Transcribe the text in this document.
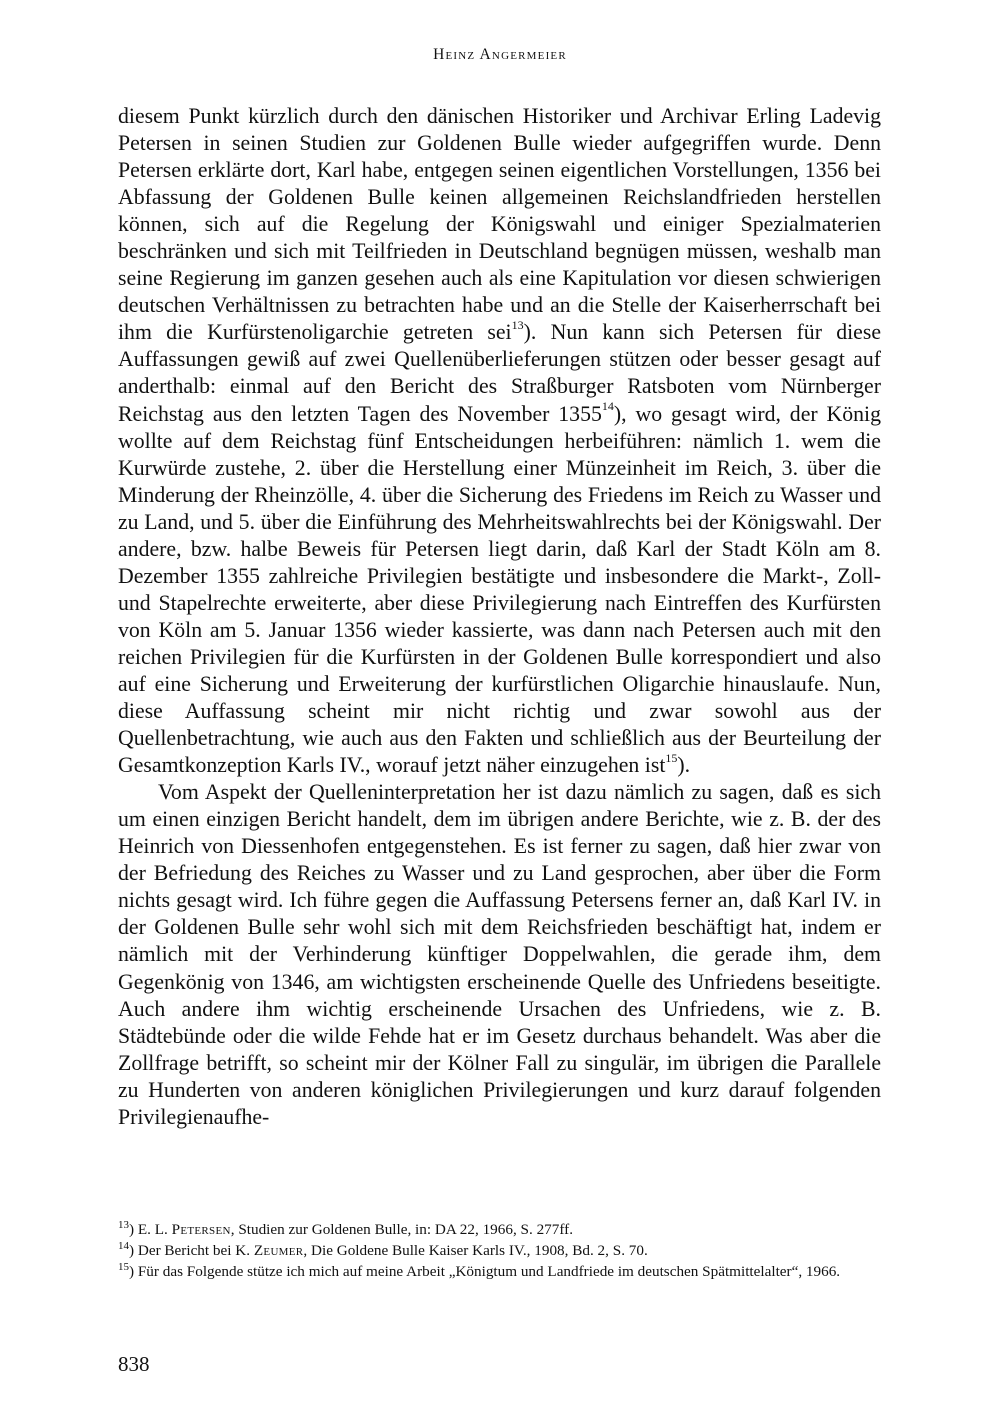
Heinz Angermeier

diesem Punkt kürzlich durch den dänischen Historiker und Archivar Erling Ladevig Petersen in seinen Studien zur Goldenen Bulle wieder aufgegriffen wurde. Denn Petersen erklärte dort, Karl habe, entgegen seinen eigentlichen Vorstellungen, 1356 bei Abfassung der Goldenen Bulle keinen allgemeinen Reichslandfrieden herstellen können, sich auf die Regelung der Königswahl und einiger Spezialmaterien beschränken und sich mit Teilfrieden in Deutschland begnügen müssen, weshalb man seine Regierung im ganzen gesehen auch als eine Kapitulation vor diesen schwierigen deutschen Verhältnissen zu betrachten habe und an die Stelle der Kaiserherrschaft bei ihm die Kurfürstenoligarchie getreten sei$^{13}$). Nun kann sich Petersen für diese Auffassungen gewiß auf zwei Quellenüberlieferungen stützen oder besser gesagt auf anderthalb: einmal auf den Bericht des Straßburger Ratsboten vom Nürnberger Reichstag aus den letzten Tagen des November 1355$^{14}$), wo gesagt wird, der König wollte auf dem Reichstag fünf Entscheidungen herbeiführen: nämlich 1. wem die Kurwürde zustehe, 2. über die Herstellung einer Münzeinheit im Reich, 3. über die Minderung der Rheinzölle, 4. über die Sicherung des Friedens im Reich zu Wasser und zu Land, und 5. über die Einführung des Mehrheitswahlrechts bei der Königswahl. Der andere, bzw. halbe Beweis für Petersen liegt darin, daß Karl der Stadt Köln am 8. Dezember 1355 zahlreiche Privilegien bestätigte und insbesondere die Markt-, Zoll- und Stapelrechte erweiterte, aber diese Privilegierung nach Eintreffen des Kurfürsten von Köln am 5. Januar 1356 wieder kassierte, was dann nach Petersen auch mit den reichen Privilegien für die Kurfürsten in der Goldenen Bulle korrespondiert und also auf eine Sicherung und Erweiterung der kurfürstlichen Oligarchie hinauslaufe. Nun, diese Auffassung scheint mir nicht richtig und zwar sowohl aus der Quellenbetrachtung, wie auch aus den Fakten und schließlich aus der Beurteilung der Gesamtkonzeption Karls IV., worauf jetzt näher einzugehen ist$^{15}$).

Vom Aspekt der Quelleninterpretation her ist dazu nämlich zu sagen, daß es sich um einen einzigen Bericht handelt, dem im übrigen andere Berichte, wie z. B. der des Heinrich von Diessenhofen entgegenstehen. Es ist ferner zu sagen, daß hier zwar von der Befriedung des Reiches zu Wasser und zu Land gesprochen, aber über die Form nichts gesagt wird. Ich führe gegen die Auffassung Petersens ferner an, daß Karl IV. in der Goldenen Bulle sehr wohl sich mit dem Reichsfrieden beschäftigt hat, indem er nämlich mit der Verhinderung künftiger Doppelwahlen, die gerade ihm, dem Gegenkönig von 1346, am wichtigsten erscheinende Quelle des Unfriedens beseitigte. Auch andere ihm wichtig erscheinende Ursachen des Unfriedens, wie z. B. Städtebünde oder die wilde Fehde hat er im Gesetz durchaus behandelt. Was aber die Zollfrage betrifft, so scheint mir der Kölner Fall zu singulär, im übrigen die Parallele zu Hunderten von anderen königlichen Privilegierungen und kurz darauf folgenden Privilegienaufhe-

$^{13}$) E. L. Petersen, Studien zur Goldenen Bulle, in: DA 22, 1966, S. 277ff.

$^{14}$) Der Bericht bei K. Zeumer, Die Goldene Bulle Kaiser Karls IV., 1908, Bd. 2, S. 70.

$^{15}$) Für das Folgende stütze ich mich auf meine Arbeit „Königtum und Landfriede im deutschen Spätmittelalter“, 1966.

838
